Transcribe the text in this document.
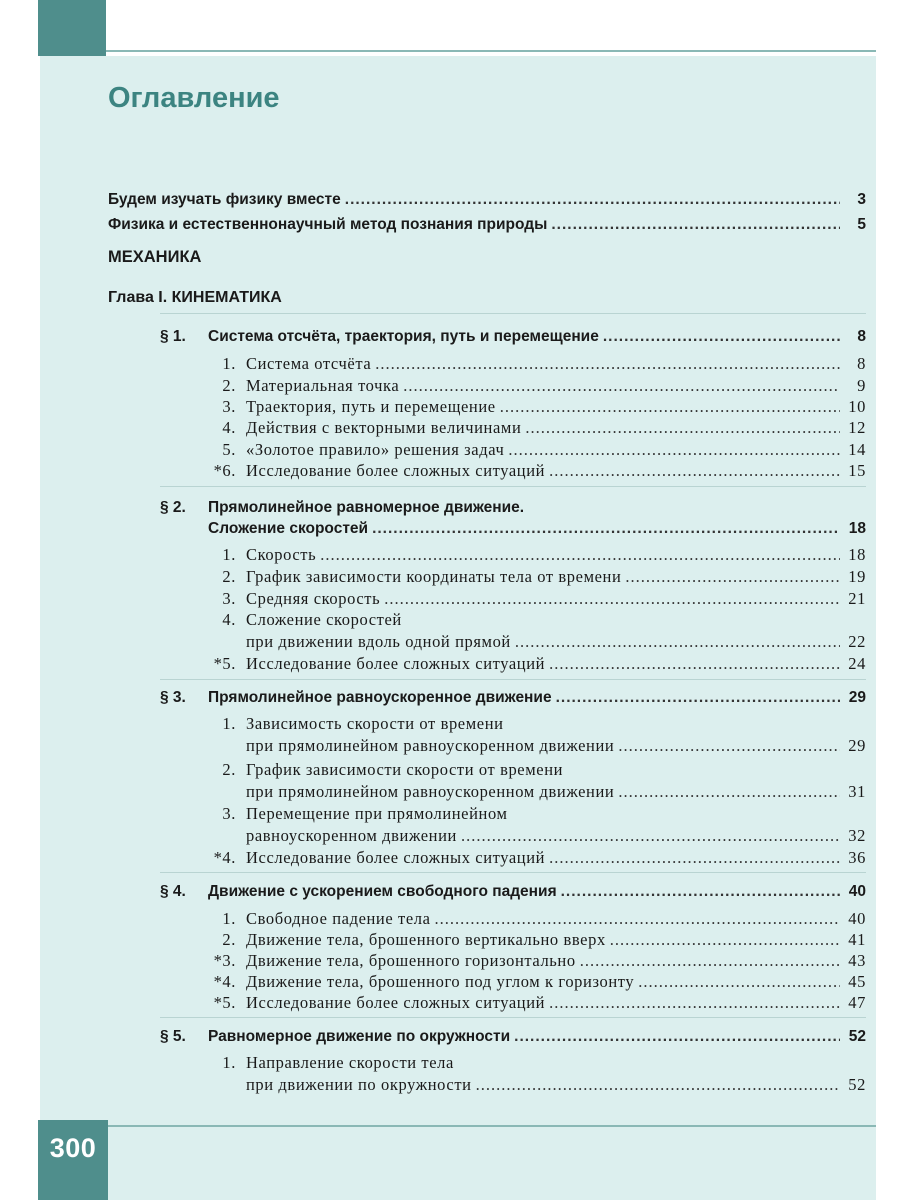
Оглавление
Будем изучать физику вместе .....	3
Физика и естественнонаучный метод познания природы .....	5
МЕХАНИКА
Глава I. КИНЕМАТИКА
§ 1.	Система отсчёта, траектория, путь и перемещение .....	8
1. Система отсчёта .....	8
2. Материальная точка .....	9
3. Траектория, путь и перемещение .....	10
4. Действия с векторными величинами .....	12
5. «Золотое правило» решения задач .....	14
*6. Исследование более сложных ситуаций .....	15
§ 2.	Прямолинейное равномерное движение.
Сложение скоростей .....	18
1. Скорость .....	18
2. График зависимости координаты тела от времени .....	19
3. Средняя скорость .....	21
4. Сложение скоростей
при движении вдоль одной прямой .....	22
*5. Исследование более сложных ситуаций .....	24
§ 3.	Прямолинейное равноускоренное движение .....	29
1. Зависимость скорости от времени
при прямолинейном равноускоренном движении .....	29
2. График зависимости скорости от времени
при прямолинейном равноускоренном движении .....	31
3. Перемещение при прямолинейном
равноускоренном движении .....	32
*4. Исследование более сложных ситуаций .....	36
§ 4.	Движение с ускорением свободного падения .....	40
1. Свободное падение тела .....	40
2. Движение тела, брошенного вертикально вверх .....	41
*3. Движение тела, брошенного горизонтально .....	43
*4. Движение тела, брошенного под углом к горизонту .....	45
*5. Исследование более сложных ситуаций .....	47
§ 5.	Равномерное движение по окружности .....	52
1. Направление скорости тела
при движении по окружности .....	52
300
